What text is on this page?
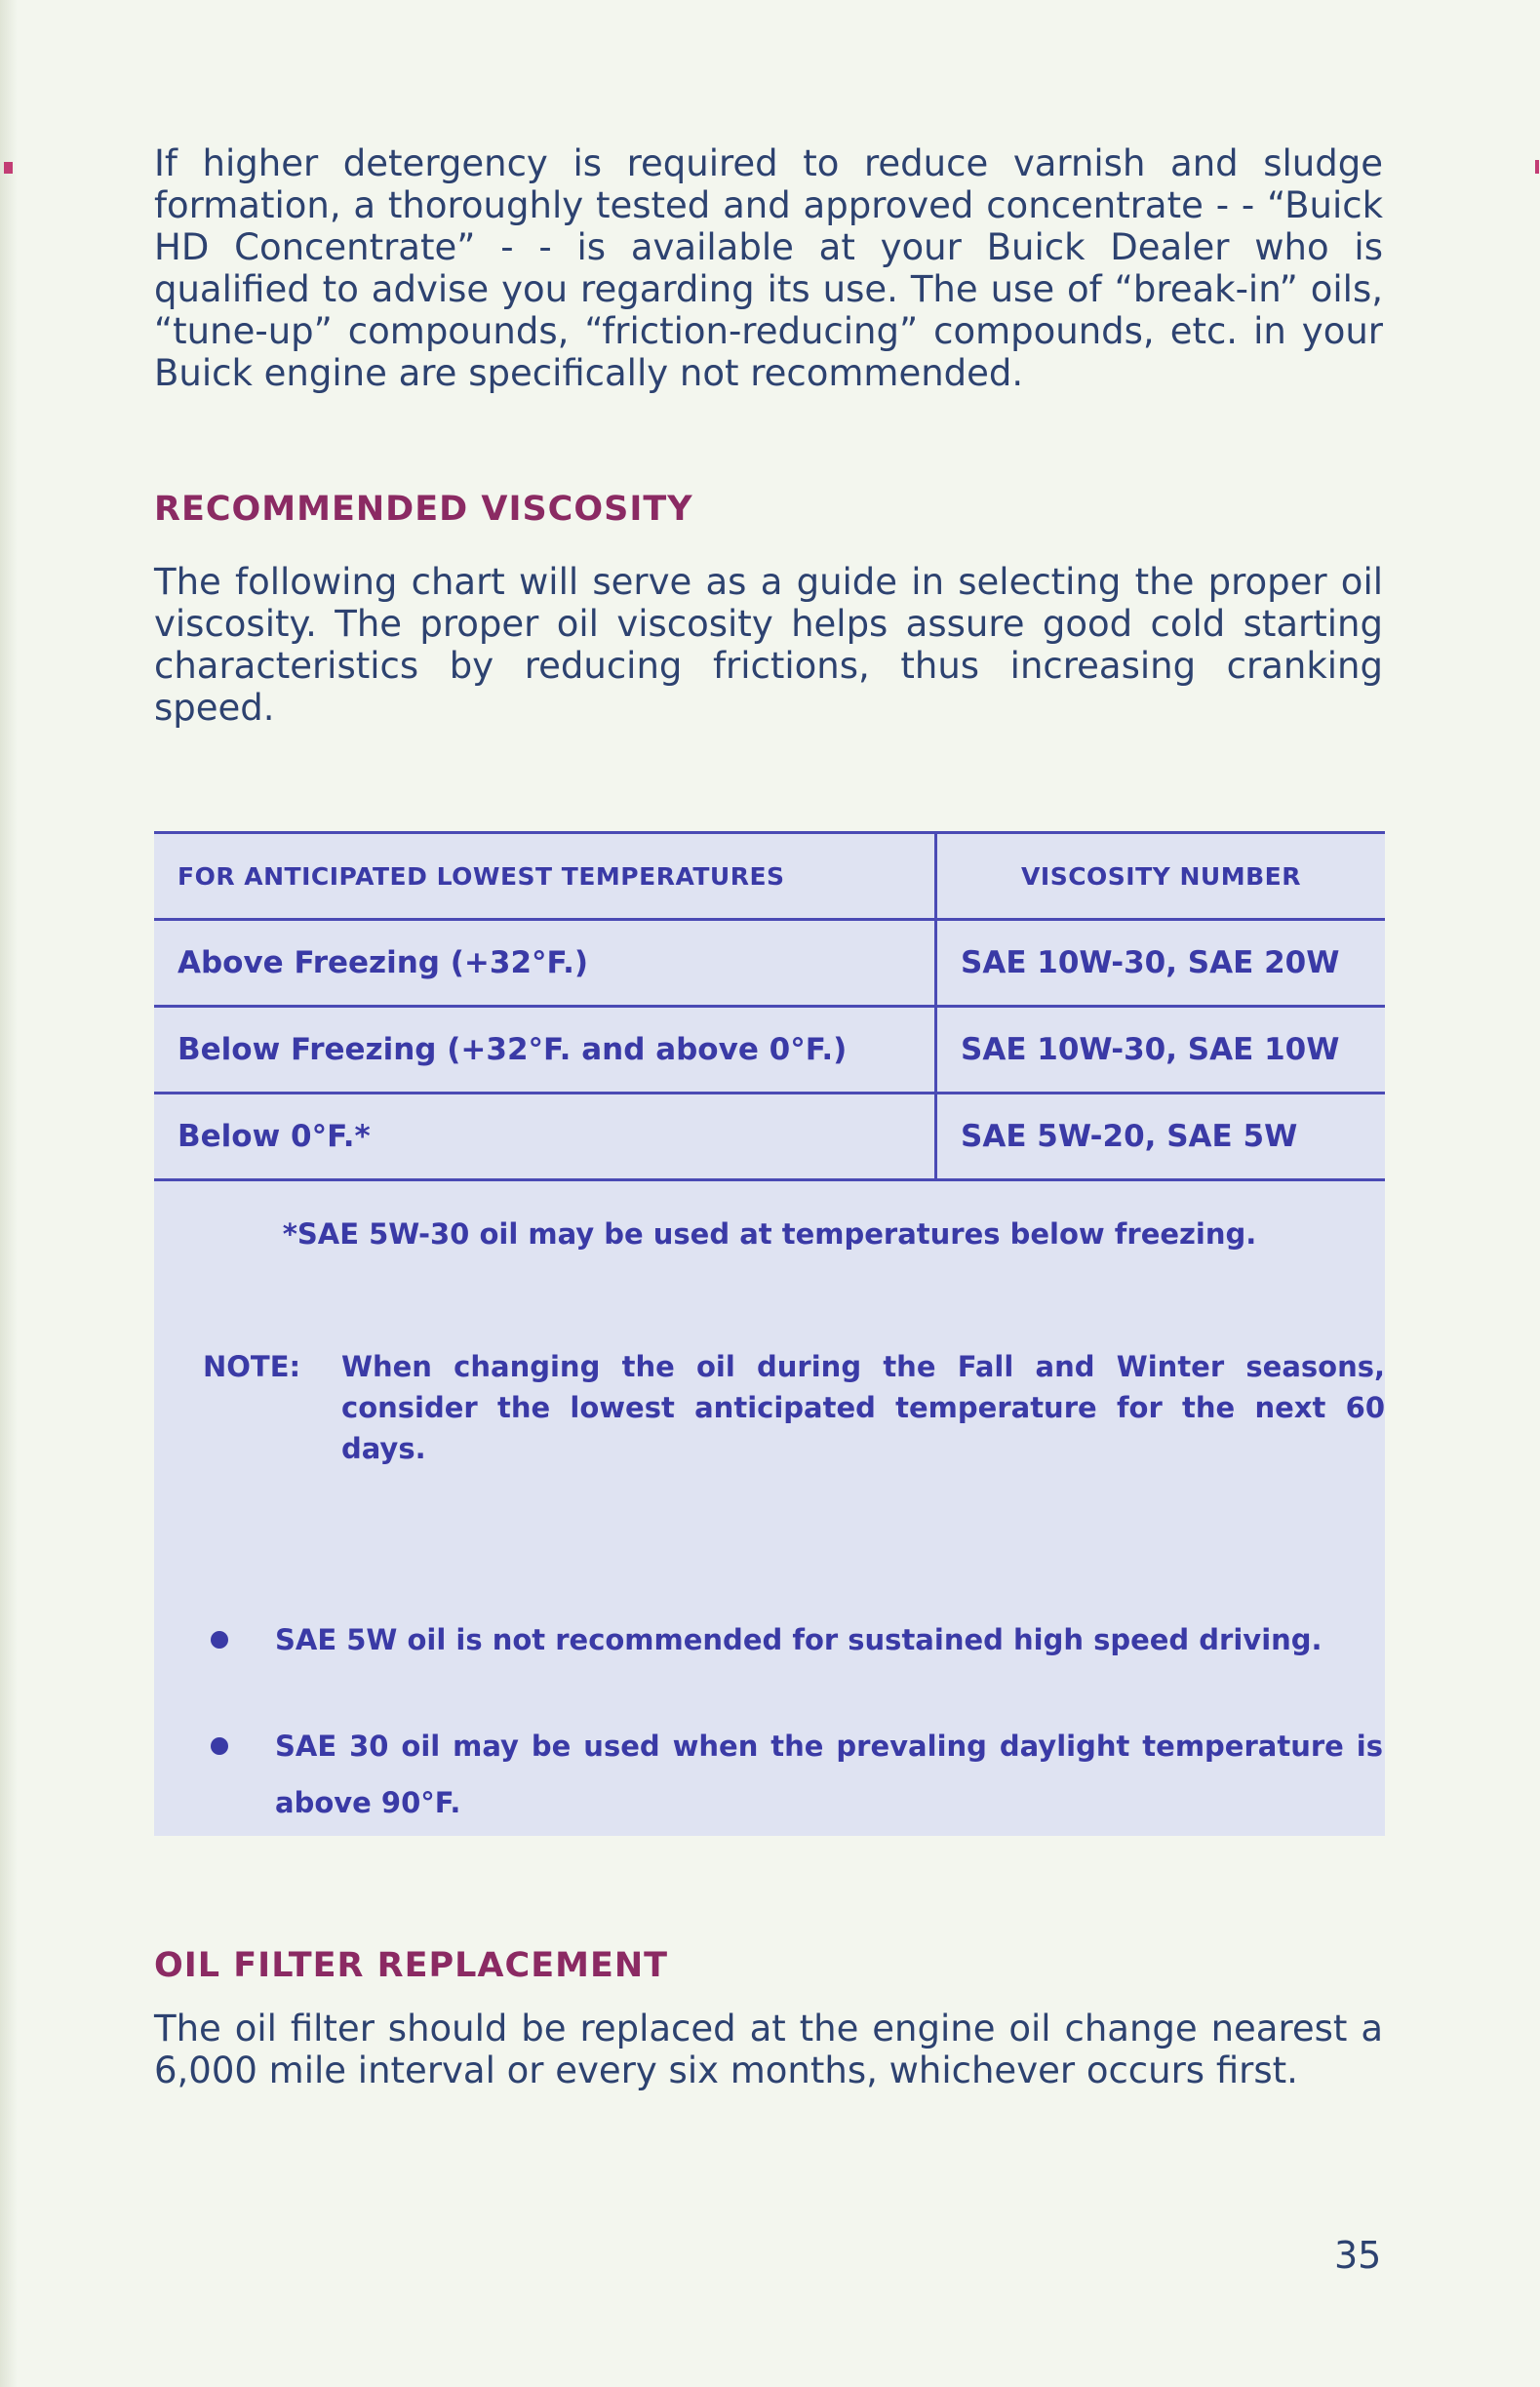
If higher detergency is required to reduce varnish and sludge formation, a thoroughly tested and approved concentrate - - “Buick HD Concentrate” - - is available at your Buick Dealer who is qualified to advise you regarding its use. The use of “break-in” oils, “tune-up” compounds, “friction-reducing” compounds, etc. in your Buick engine are specifically not recommended.

RECOMMENDED VISCOSITY

The following chart will serve as a guide in selecting the proper oil viscosity. The proper oil viscosity helps assure good cold starting characteristics by reducing frictions, thus increasing cranking speed.

FOR ANTICIPATED LOWEST TEMPERATURES	VISCOSITY NUMBER
Above Freezing (+32°F.)	SAE 10W-30, SAE 20W
Below Freezing (+32°F. and above 0°F.)	SAE 10W-30, SAE 10W
Below 0°F.*	SAE 5W-20, SAE 5W
*SAE 5W-30 oil may be used at temperatures below freezing.
NOTE: When changing the oil during the Fall and Winter seasons, consider the lowest anticipated temperature for the next 60 days.
SAE 5W oil is not recommended for sustained high speed driving.
SAE 30 oil may be used when the prevaling daylight temperature is above 90°F.
OIL FILTER REPLACEMENT

The oil filter should be replaced at the engine oil change nearest a 6,000 mile interval or every six months, whichever occurs first.

35
